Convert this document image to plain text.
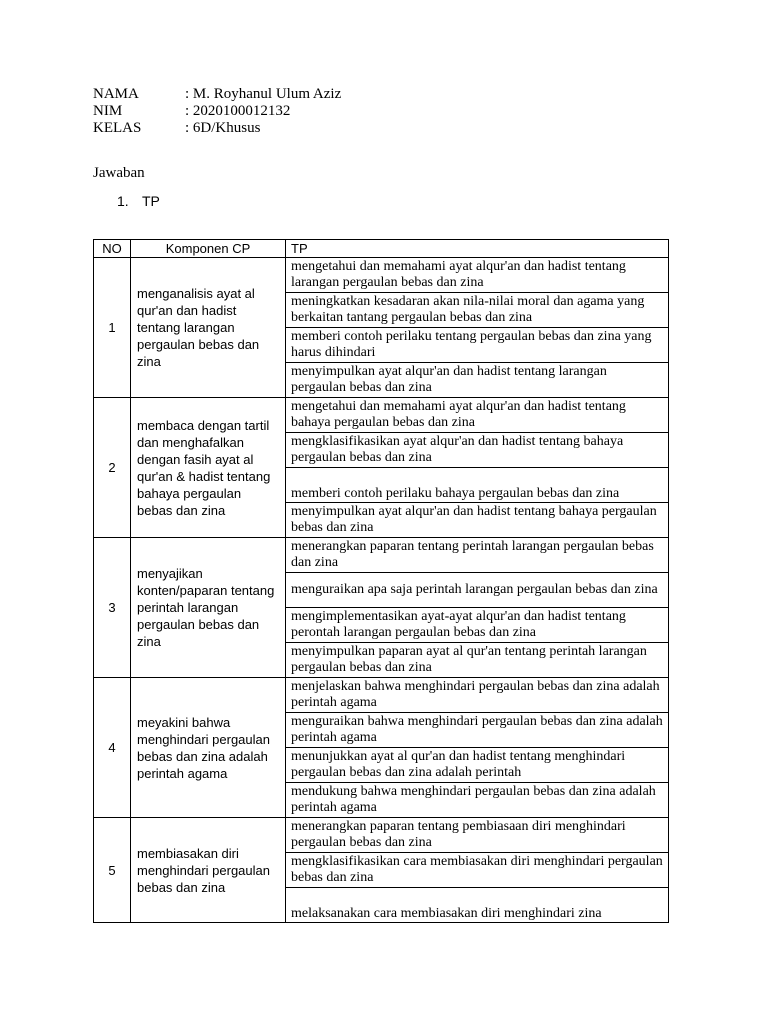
NAMA	: M. Royhanul Ulum Aziz
NIM	: 2020100012132
KELAS	: 6D/Khusus
Jawaban
1. TP
NO	Komponen CP	TP
1	menganalisis ayat al qur'an dan hadist tentang larangan pergaulan bebas dan zina	mengetahui dan memahami ayat alqur'an dan hadist tentang larangan pergaulan bebas dan zina
		meningkatkan kesadaran akan nila-nilai moral dan agama yang berkaitan tantang pergaulan bebas dan zina
		memberi contoh perilaku tentang pergaulan bebas dan zina yang harus dihindari
		menyimpulkan ayat alqur'an dan hadist tentang larangan pergaulan bebas dan zina
2	membaca dengan tartil dan menghafalkan dengan fasih ayat al qur'an & hadist tentang bahaya pergaulan bebas dan zina	mengetahui dan memahami ayat alqur'an dan hadist tentang bahaya pergaulan bebas dan zina
		mengklasifikasikan ayat alqur'an dan hadist tentang bahaya pergaulan bebas dan zina
		memberi contoh perilaku bahaya pergaulan bebas dan zina
		menyimpulkan ayat alqur'an dan hadist tentang bahaya pergaulan bebas dan zina
3	menyajikan konten/paparan tentang perintah larangan pergaulan bebas dan zina	menerangkan paparan tentang perintah larangan pergaulan bebas dan zina
		menguraikan apa saja perintah larangan pergaulan bebas dan zina
		mengimplementasikan ayat-ayat alqur'an dan hadist tentang perontah larangan pergaulan bebas dan zina
		menyimpulkan paparan ayat al qur'an tentang perintah larangan pergaulan bebas dan zina
4	meyakini bahwa menghindari pergaulan bebas dan zina adalah perintah agama	menjelaskan bahwa menghindari pergaulan bebas dan zina adalah perintah agama
		menguraikan bahwa menghindari pergaulan bebas dan zina adalah perintah agama
		menunjukkan ayat al qur'an dan hadist tentang menghindari pergaulan bebas dan zina adalah perintah
		mendukung bahwa menghindari pergaulan bebas dan zina adalah perintah agama
5	membiasakan diri menghindari pergaulan bebas dan zina	menerangkan paparan tentang pembiasaan diri menghindari pergaulan bebas dan zina
		mengklasifikasikan cara membiasakan diri menghindari pergaulan bebas dan zina
		melaksanakan cara membiasakan diri menghindari zina
